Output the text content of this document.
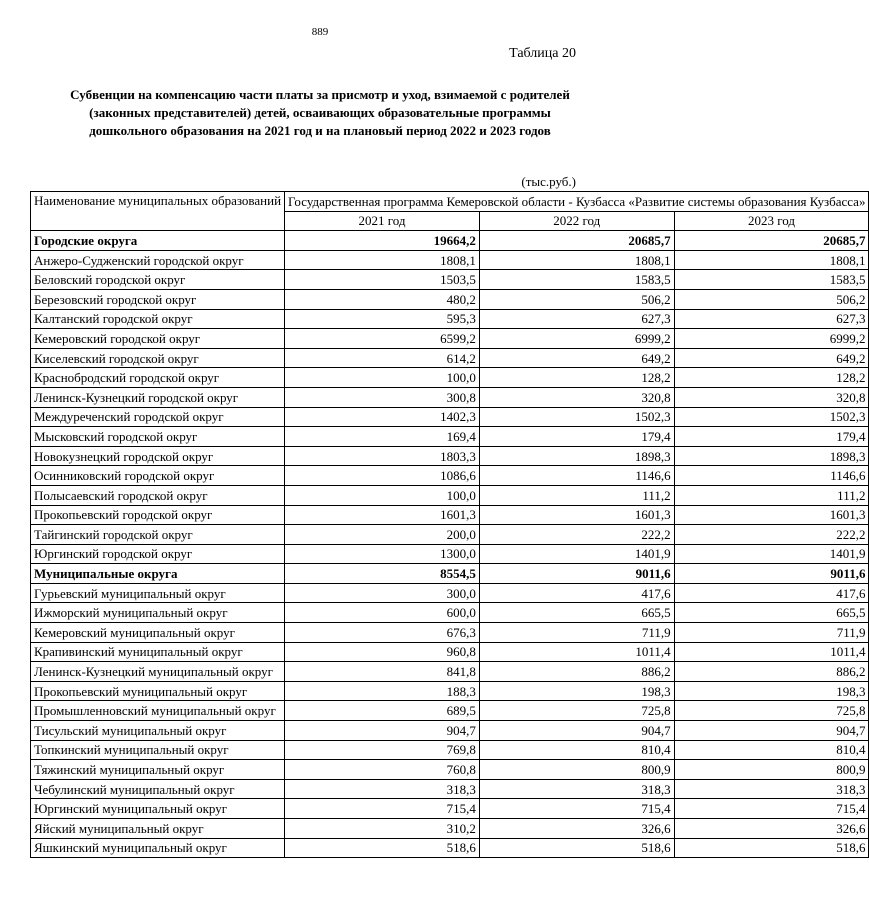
889
Таблица 20
Субвенции на компенсацию части платы за присмотр и уход, взимаемой с родителей
(законных представителей) детей, осваивающих образовательные программы
дошкольного образования на 2021 год и на плановый период 2022 и 2023 годов
(тыс.руб.)
Наименование муниципальных образований	Государственная программа Кемеровской области - Кузбасса «Развитие системы образования Кузбасса»		
	2021 год	2022 год	2023 год
Городские округа	19664,2	20685,7	20685,7
Анжеро-Судженский городской округ	1808,1	1808,1	1808,1
Беловский городской округ	1503,5	1583,5	1583,5
Березовский городской округ	480,2	506,2	506,2
Калтанский городской округ	595,3	627,3	627,3
Кемеровский городской округ	6599,2	6999,2	6999,2
Киселевский городской округ	614,2	649,2	649,2
Краснобродский городской округ	100,0	128,2	128,2
Ленинск-Кузнецкий городской округ	300,8	320,8	320,8
Междуреченский городской округ	1402,3	1502,3	1502,3
Мысковский городской округ	169,4	179,4	179,4
Новокузнецкий городской округ	1803,3	1898,3	1898,3
Осинниковский городской округ	1086,6	1146,6	1146,6
Полысаевский городской округ	100,0	111,2	111,2
Прокопьевский городской округ	1601,3	1601,3	1601,3
Тайгинский городской округ	200,0	222,2	222,2
Юргинский городской округ	1300,0	1401,9	1401,9
Муниципальные округа	8554,5	9011,6	9011,6
Гурьевский муниципальный округ	300,0	417,6	417,6
Ижморский муниципальный округ	600,0	665,5	665,5
Кемеровский муниципальный округ	676,3	711,9	711,9
Крапивинский муниципальный округ	960,8	1011,4	1011,4
Ленинск-Кузнецкий муниципальный округ	841,8	886,2	886,2
Прокопьевский муниципальный округ	188,3	198,3	198,3
Промышленновский муниципальный округ	689,5	725,8	725,8
Тисульский муниципальный округ	904,7	904,7	904,7
Топкинский муниципальный округ	769,8	810,4	810,4
Тяжинский муниципальный округ	760,8	800,9	800,9
Чебулинский муниципальный округ	318,3	318,3	318,3
Юргинский муниципальный округ	715,4	715,4	715,4
Яйский муниципальный округ	310,2	326,6	326,6
Яшкинский муниципальный округ	518,6	518,6	518,6
